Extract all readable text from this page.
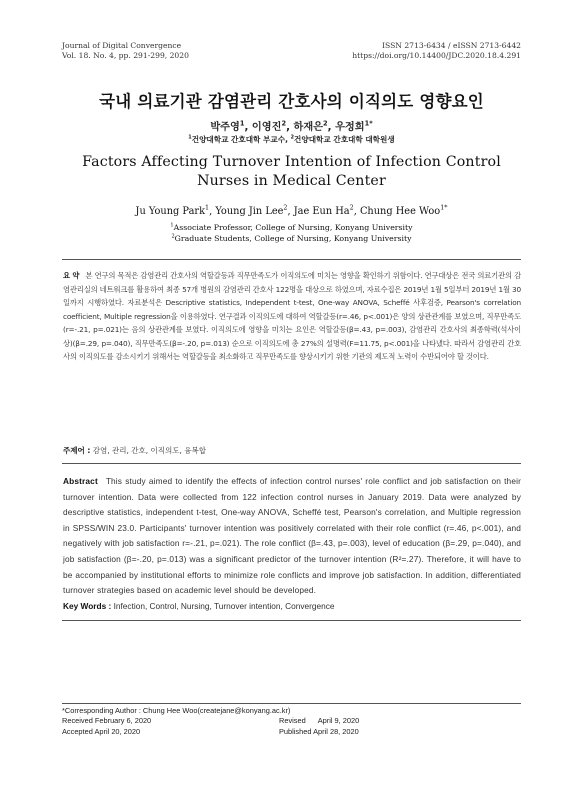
Journal of Digital Convergence
Vol. 18. No. 4, pp. 291-299, 2020
ISSN 2713-6434 / eISSN 2713-6442
https://doi.org/10.14400/JDC.2020.18.4.291
국내 의료기관 감염관리 간호사의 이직의도 영향요인
박주영$^1$, 이영진$^2$, 하재은$^2$, 우정희$^{1*}$
$^1$건양대학교 간호대학 부교수, $^2$건양대학교 간호대학 대학원생
Factors Affecting Turnover Intention of Infection Control Nurses in Medical Center
Ju Young Park$^1$, Young Jin Lee$^2$, Jae Eun Ha$^2$, Chung Hee Woo$^{1*}$
$^1$Associate Professor, College of Nursing, Konyang University
$^2$Graduate Students, College of Nursing, Konyang University
요 약 본 연구의 목적은 감염관리 간호사의 역할갈등과 직무만족도가 이직의도에 미치는 영향을 확인하기 위함이다. 연구대상은 전국 의료기관의 감염관리실의 네트워크를 활용하여 최종 57개 병원의 감염관리 간호사 122명을 대상으로 하였으며, 자료수집은 2019년 1월 5일부터 2019년 1월 30일까지 시행하였다. 자료분석은 Descriptive statistics, Independent t-test, One-way ANOVA, Scheffé 사후검증, Pearson's correlation coefficient, Multiple regression을 이용하였다. 연구결과 이직의도에 대하여 역할갈등(r=.46, p<.001)은 양의 상관관계를 보였으며, 직무만족도(r=-.21, p=.021)는 음의 상관관계를 보였다. 이직의도에 영향을 미치는 요인은 역할갈등(β=.43, p=.003), 감염관리 간호사의 최종학력(석사이상)(β=.29, p=.040), 직무만족도(β=-.20, p=.013) 순으로 이직의도에 총 27%의 설명력(F=11.75, p<.001)을 나타냈다. 따라서 감염관리 간호사의 이직의도를 감소시키기 위해서는 역할갈등을 최소화하고 직무만족도를 향상시키기 위한 기관의 제도적 노력이 수반되어야 할 것이다.
주제어 : 감염, 관리, 간호, 이직의도, 융복합
Abstract This study aimed to identify the effects of infection control nurses' role conflict and job satisfaction on their turnover intention. Data were collected from 122 infection control nurses in January 2019. Data were analyzed by descriptive statistics, independent t-test, One-way ANOVA, Scheffé test, Pearson's correlation, and Multiple regression in SPSS/WIN 23.0. Participants' turnover intention was positively correlated with their role conflict (r=.46, p<.001), and negatively with job satisfaction r=-.21, p=.021). The role conflict (β=.43, p=.003), level of education (β=.29, p=.040), and job satisfaction (β=-.20, p=.013) was a significant predictor of the turnover intention (R²=.27). Therefore, it will have to be accompanied by institutional efforts to minimize role conflicts and improve job satisfaction. In addition, differentiated turnover strategies based on academic level should be developed.
Key Words : Infection, Control, Nursing, Turnover intention, Convergence
*Corresponding Author : Chung Hee Woo(createjane@konyang.ac.kr)
Received February 6, 2020	Revised April 9, 2020
Accepted April 20, 2020	Published April 28, 2020
